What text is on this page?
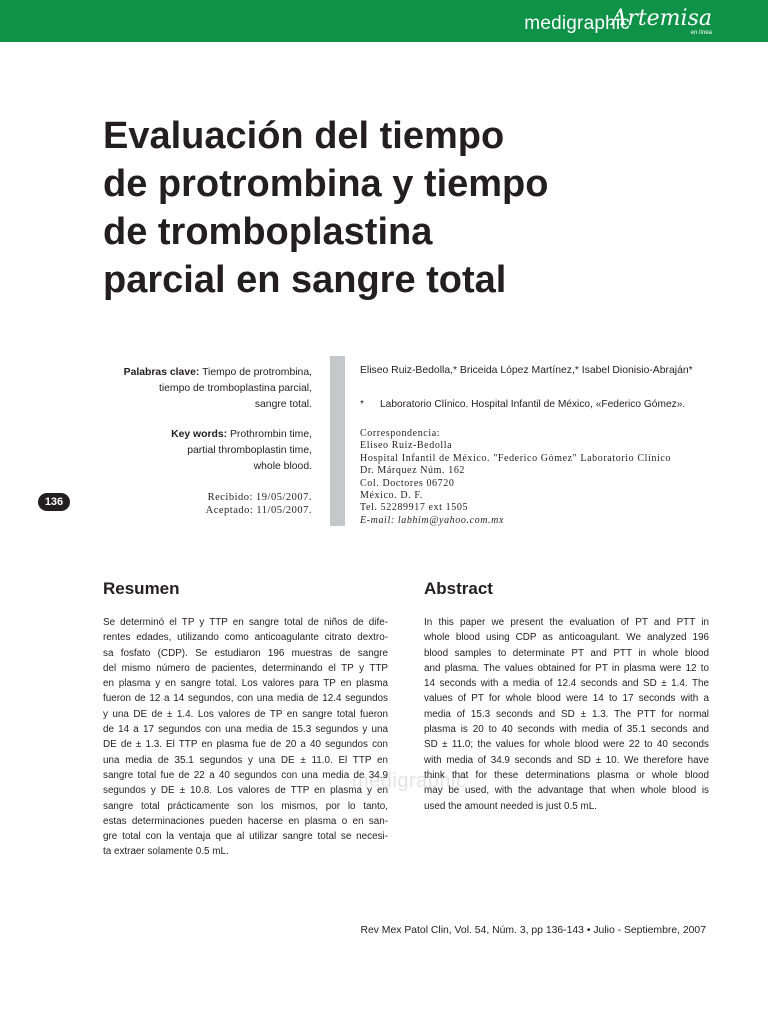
medigraphic
Artemisa
en línea
Evaluación del tiempo
de protrombina y tiempo
de tromboplastina
parcial en sangre total
Palabras clave: Tiempo de protrombina,
tiempo de tromboplastina parcial,
sangre total.
Key words: Prothrombin time,
partial thromboplastin time,
whole blood.
Recibido: 19/05/2007.
Aceptado: 11/05/2007.
136
Eliseo Ruiz-Bedolla,* Briceida López Martínez,* Isabel Dionisio-Abraján*
* Laboratorio Clínico. Hospital Infantil de México, «Federico Gómez».
Correspondencia:
Eliseo Ruiz-Bedolla
Hospital Infantil de México. "Federico Gómez" Laboratorio Clínico
Dr. Márquez Núm. 162
Col. Doctores 06720
México. D. F.
Tel. 52289917 ext 1505
E-mail: labhim@yahoo.com.mx
Resumen	Abstract
medigraphic
Se determinó el TP y TTP en sangre total de niños de dife-
rentes edades, utilizando como anticoagulante citrato dextro-
sa fosfato (CDP). Se estudiaron 196 muestras de sangre
del mismo número de pacientes, determinando el TP y TTP
en plasma y en sangre total. Los valores para TP en plasma
fueron de 12 a 14 segundos, con una media de 12.4 segundos
y una DE de ± 1.4. Los valores de TP en sangre total fueron
de 14 a 17 segundos con una media de 15.3 segundos y una
DE de ± 1.3. El TTP en plasma fue de 20 a 40 segundos con
una media de 35.1 segundos y una DE ± 11.0. El TTP en
sangre total fue de 22 a 40 segundos con una media de 34.9
segundos y DE ± 10.8. Los valores de TTP en plasma y en
sangre total prácticamente son los mismos, por lo tanto,
estas determinaciones pueden hacerse en plasma o en san-
gre total con la ventaja que al utilizar sangre total se necesi-
ta extraer solamente 0.5 mL.
In this paper we present the evaluation of PT and PTT in
whole blood using CDP as anticoagulant. We analyzed 196
blood samples to determinate PT and PTT in whole blood
and plasma. The values obtained for PT in plasma were 12 to
14 seconds with a media of 12.4 seconds and SD ± 1.4. The
values of PT for whole blood were 14 to 17 seconds with a
media of 15.3 seconds and SD ± 1.3. The PTT for normal
plasma is 20 to 40 seconds with media of 35.1 seconds and
SD ± 11.0; the values for whole blood were 22 to 40 seconds
with media of 34.9 seconds and SD ± 10. We therefore have
think that for these determinations plasma or whole blood
may be used, with the advantage that when whole blood is
used the amount needed is just 0.5 mL.
Rev Mex Patol Clin, Vol. 54, Núm. 3, pp 136-143 • Julio - Septiembre, 2007
